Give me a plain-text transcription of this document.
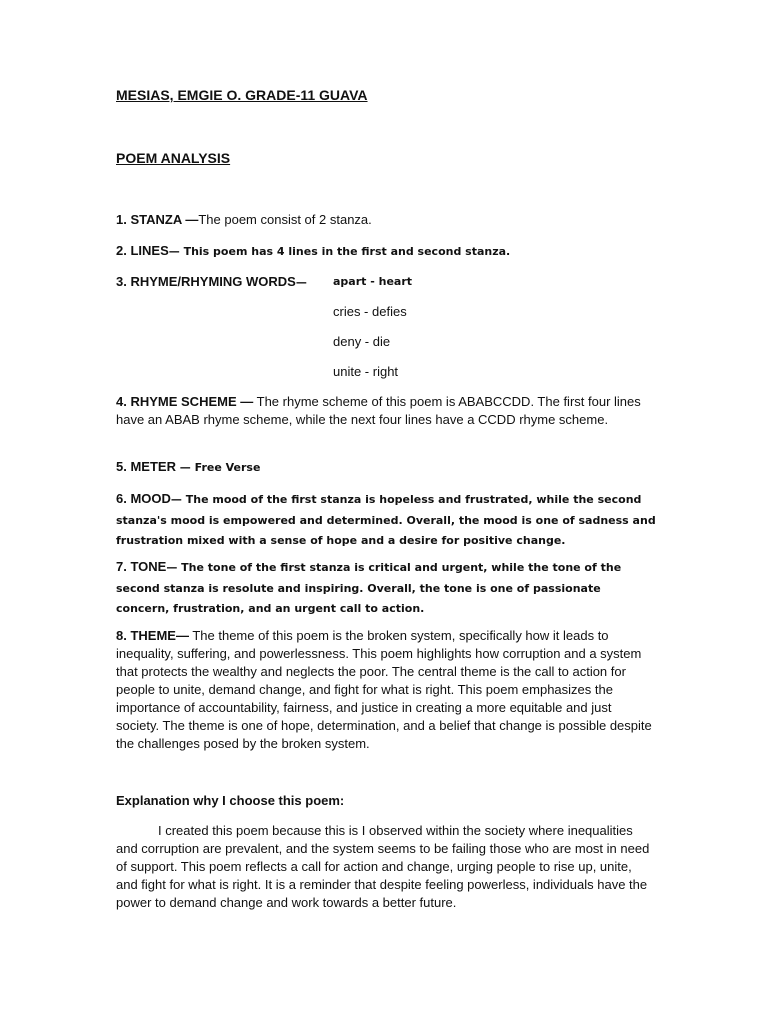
MESIAS, EMGIE O. GRADE-11 GUAVA
POEM ANALYSIS
1. STANZA —The poem consist of 2 stanza.
2. LINES— This poem has 4 lines in the first and second stanza.
3. RHYME/RHYMING WORDS—	apart - heart
cries - defies
deny - die
unite - right
4. RHYME SCHEME — The rhyme scheme of this poem is ABABCCDD. The first four lines have an ABAB rhyme scheme, while the next four lines have a CCDD rhyme scheme.
5. METER — Free Verse
6. MOOD— The mood of the first stanza is hopeless and frustrated, while the second stanza's mood is empowered and determined. Overall, the mood is one of sadness and frustration mixed with a sense of hope and a desire for positive change.
7. TONE— The tone of the first stanza is critical and urgent, while the tone of the second stanza is resolute and inspiring. Overall, the tone is one of passionate concern, frustration, and an urgent call to action.
8. THEME— The theme of this poem is the broken system, specifically how it leads to inequality, suffering, and powerlessness. This poem highlights how corruption and a system that protects the wealthy and neglects the poor. The central theme is the call to action for people to unite, demand change, and fight for what is right. This poem emphasizes the importance of accountability, fairness, and justice in creating a more equitable and just society. The theme is one of hope, determination, and a belief that change is possible despite the challenges posed by the broken system.
Explanation why I choose this poem:
I created this poem because this is I observed within the society where inequalities and corruption are prevalent, and the system seems to be failing those who are most in need of support. This poem reflects a call for action and change, urging people to rise up, unite, and fight for what is right. It is a reminder that despite feeling powerless, individuals have the power to demand change and work towards a better future.
